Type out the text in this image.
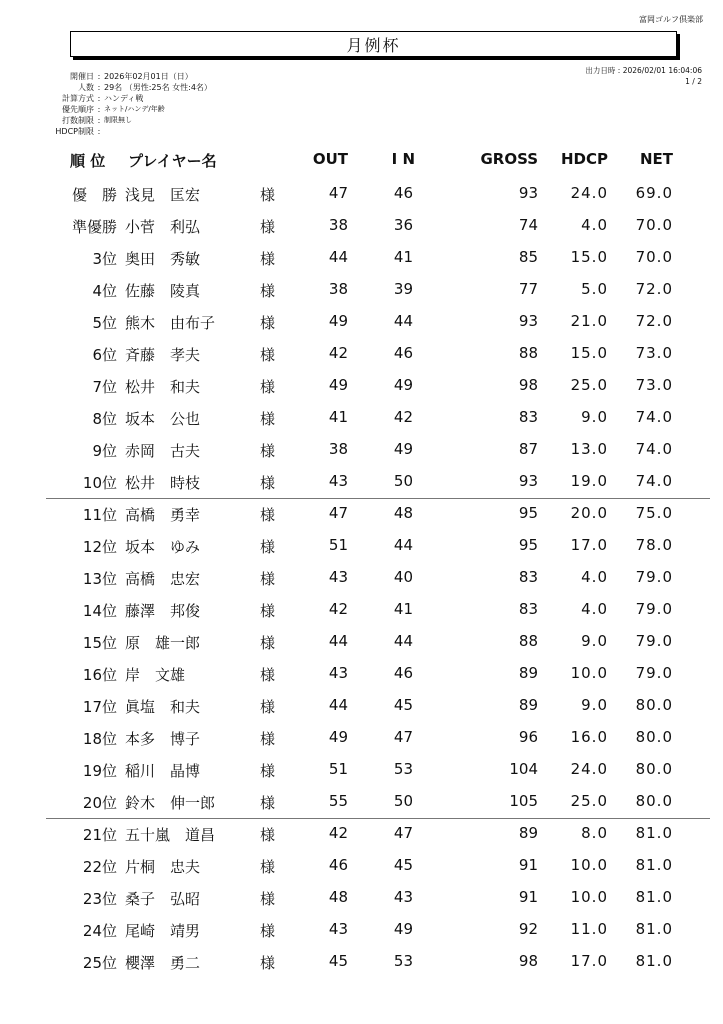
富岡ゴルフ倶楽部
月例杯
出力日時 : 2026/02/01 16:04:06
1 / 2
開催日 : 2026年02月01日（日）
人数 : 29名 （男性:25名 女性:4名）
計算方式 : ハンディ戦
優先順序 : ネット/ハンデ/年齢
打数制限 : 制限無し
HDCP制限 :
順 位 プレイヤー名	OUT	I N	GROSS HDCP NET
優　勝 浅見　匡宏	様	47	46	93 24.0 69.0
準優勝 小菅　利弘	様	38	36	74	4.0 70.0
3位 奥田　秀敏	様	44	41	85 15.0 70.0
4位 佐藤　陵真	様	38	39	77	5.0 72.0
5位 熊木　由布子	様	49	44	93 21.0 72.0
6位 斉藤　孝夫	様	42	46	88 15.0 73.0
7位 松井　和夫	様	49	49	98 25.0 73.0
8位 坂本　公也	様	41	42	83	9.0 74.0
9位 赤岡　古夫	様	38	49	87 13.0 74.0
10位 松井　時枝	様	43	50	93 19.0 74.0
11位 高橋　勇幸	様	47	48	95 20.0 75.0
12位 坂本　ゆみ	様	51	44	95 17.0 78.0
13位 高橋　忠宏	様	43	40	83	4.0 79.0
14位 藤澤　邦俊	様	42	41	83	4.0 79.0
15位 原　雄一郎	様	44	44	88	9.0 79.0
16位 岸　文雄	様	43	46	89 10.0 79.0
17位 眞塩　和夫	様	44	45	89	9.0 80.0
18位 本多　博子	様	49	47	96 16.0 80.0
19位 稲川　晶博	様	51	53	104 24.0 80.0
20位 鈴木　伸一郎	様	55	50	105 25.0 80.0
21位 五十嵐　道昌	様	42	47	89	8.0 81.0
22位 片桐　忠夫	様	46	45	91 10.0 81.0
23位 桑子　弘昭	様	48	43	91 10.0 81.0
24位 尾崎　靖男	様	43	49	92 11.0 81.0
25位 櫻澤　勇二	様	45	53	98 17.0 81.0
